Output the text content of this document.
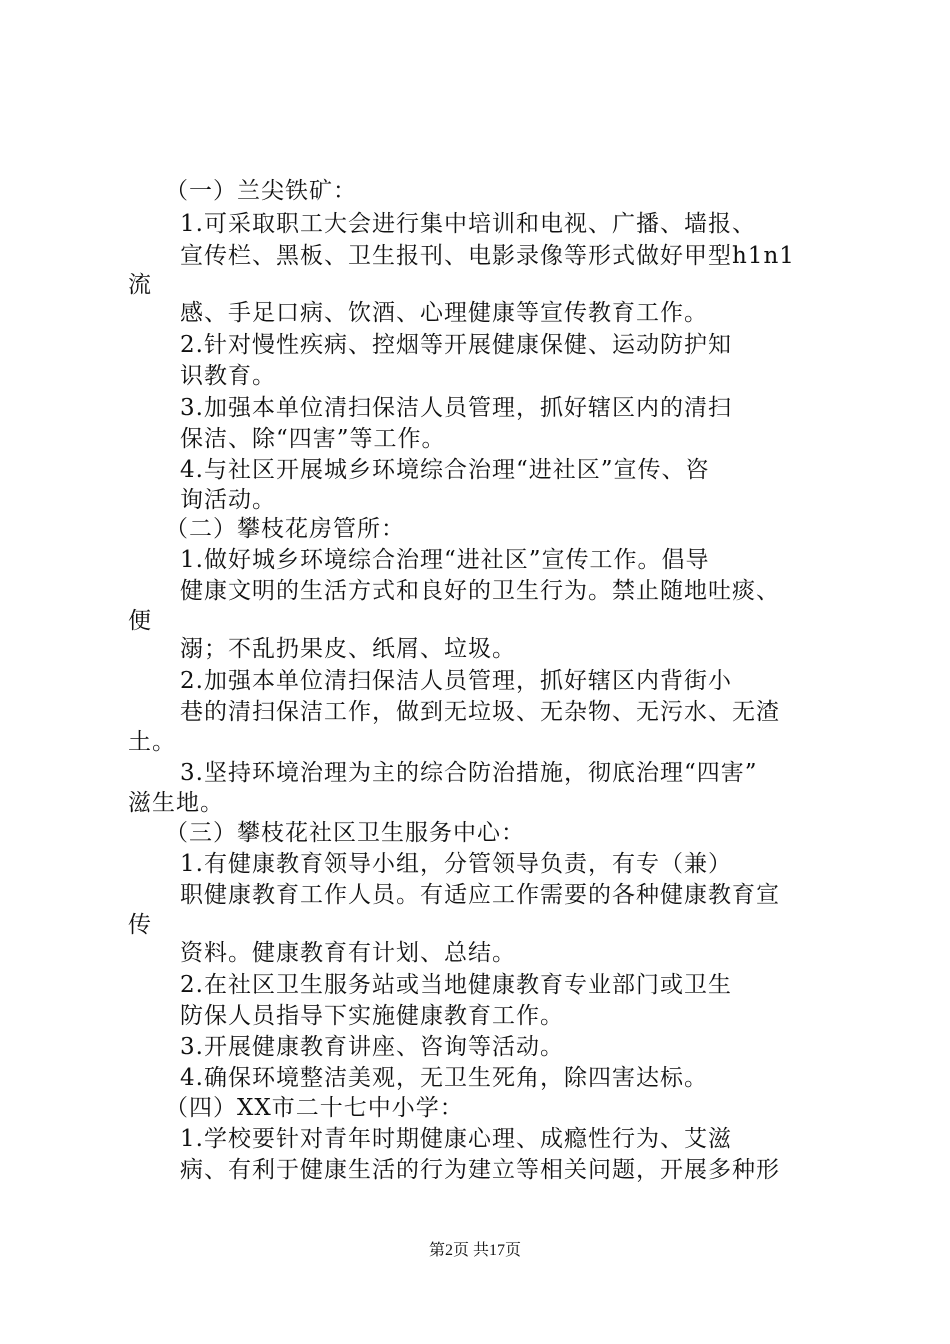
（一）兰尖铁矿：
1.可采取职工大会进行集中培训和电视、广播、墙报、
宣传栏、黑板、卫生报刊、电影录像等形式做好甲型h1n1
流
感、手足口病、饮酒、心理健康等宣传教育工作。
2.针对慢性疾病、控烟等开展健康保健、运动防护知
识教育。
3.加强本单位清扫保洁人员管理，抓好辖区内的清扫
保洁、除“四害”等工作。
4.与社区开展城乡环境综合治理“进社区”宣传、咨
询活动。
（二）攀枝花房管所：
1.做好城乡环境综合治理“进社区”宣传工作。倡导
健康文明的生活方式和良好的卫生行为。禁止随地吐痰、
便
溺；不乱扔果皮、纸屑、垃圾。
2.加强本单位清扫保洁人员管理，抓好辖区内背街小
巷的清扫保洁工作，做到无垃圾、无杂物、无污水、无渣
土。
3.坚持环境治理为主的综合防治措施，彻底治理“四害”
滋生地。
（三）攀枝花社区卫生服务中心：
1.有健康教育领导小组，分管领导负责，有专（兼）
职健康教育工作人员。有适应工作需要的各种健康教育宣
传
资料。健康教育有计划、总结。
2.在社区卫生服务站或当地健康教育专业部门或卫生
防保人员指导下实施健康教育工作。
3.开展健康教育讲座、咨询等活动。
4.确保环境整洁美观，无卫生死角，除四害达标。
（四）XX市二十七中小学：
1.学校要针对青年时期健康心理、成瘾性行为、艾滋
病、有利于健康生活的行为建立等相关问题，开展多种形
第2页 共17页
